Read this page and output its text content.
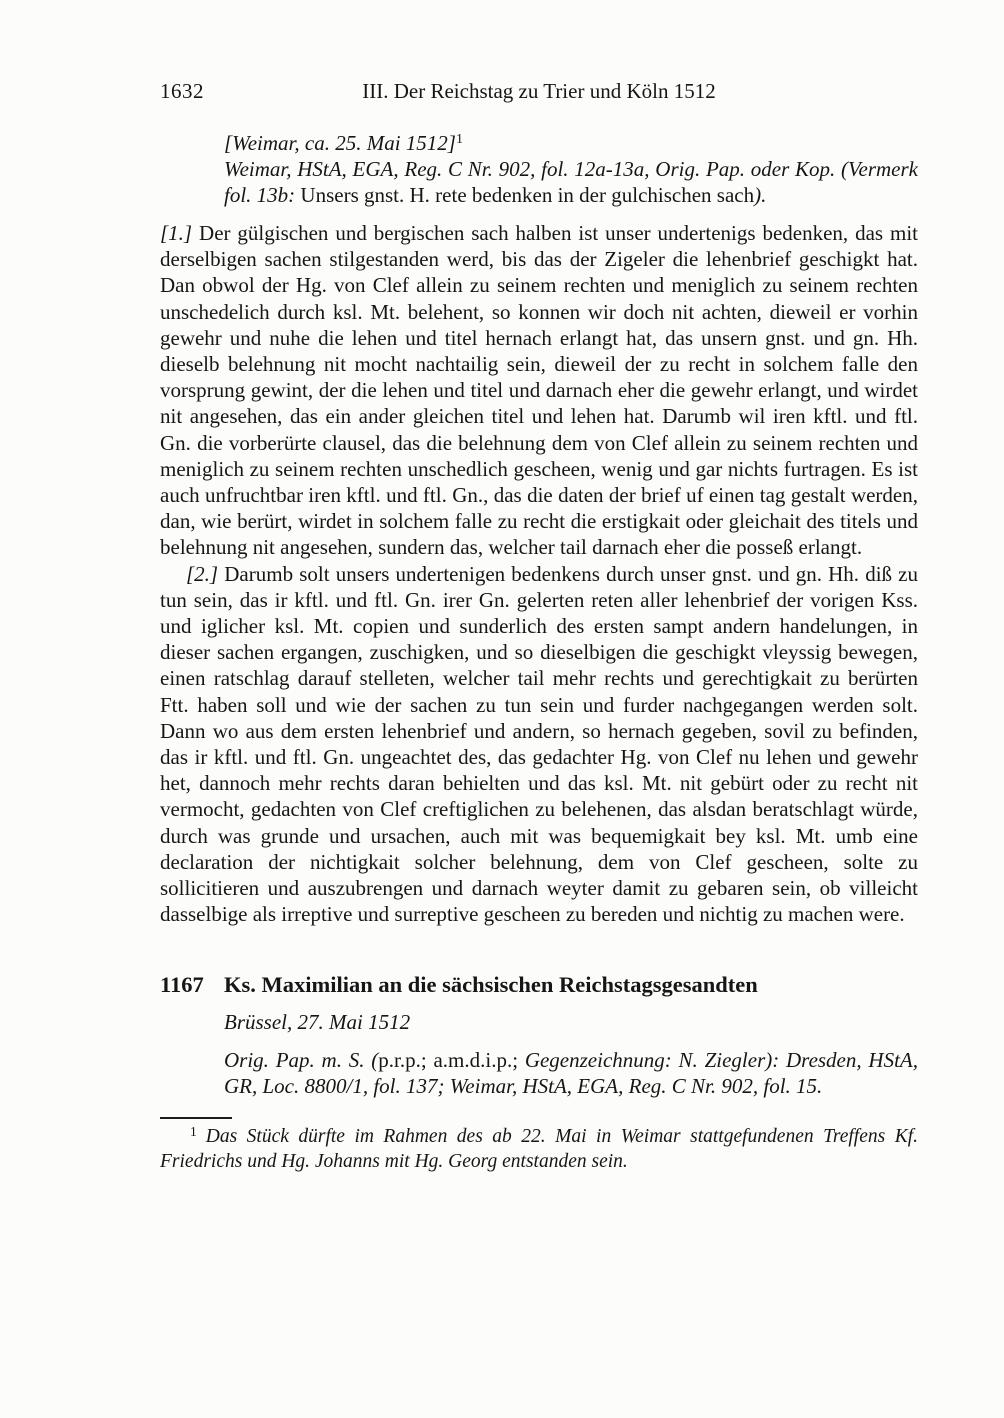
1632	III. Der Reichstag zu Trier und Köln 1512

[Weimar, ca. 25. Mai 1512]$^1$

Weimar, HStA, EGA, Reg. C Nr. 902, fol. 12a-13a, Orig. Pap. oder Kop. (Vermerk fol. 13b: Unsers gnst. H. rete bedenken in der gulchischen sach).

[1.] Der gülgischen und bergischen sach halben ist unser undertenigs bedenken, das mit derselbigen sachen stilgestanden werd, bis das der Zigeler die lehenbrief geschigkt hat. Dan obwol der Hg. von Clef allein zu seinem rechten und meniglich zu seinem rechten unschedelich durch ksl. Mt. belehent, so konnen wir doch nit achten, dieweil er vorhin gewehr und nuhe die lehen und titel hernach erlangt hat, das unsern gnst. und gn. Hh. dieselb belehnung nit mocht nachtailig sein, dieweil der zu recht in solchem falle den vorsprung gewint, der die lehen und titel und darnach eher die gewehr erlangt, und wirdet nit angesehen, das ein ander gleichen titel und lehen hat. Darumb wil iren kftl. und ftl. Gn. die vorberürte clausel, das die belehnung dem von Clef allein zu seinem rechten und meniglich zu seinem rechten unschedlich gescheen, wenig und gar nichts furtragen. Es ist auch unfruchtbar iren kftl. und ftl. Gn., das die daten der brief uf einen tag gestalt werden, dan, wie berürt, wirdet in solchem falle zu recht die erstigkait oder gleichait des titels und belehnung nit angesehen, sundern das, welcher tail darnach eher die posseß erlangt.

[2.] Darumb solt unsers undertenigen bedenkens durch unser gnst. und gn. Hh. diß zu tun sein, das ir kftl. und ftl. Gn. irer Gn. gelerten reten aller lehenbrief der vorigen Kss. und iglicher ksl. Mt. copien und sunderlich des ersten sampt andern handelungen, in dieser sachen ergangen, zuschigken, und so dieselbigen die geschigkt vleyssig bewegen, einen ratschlag darauf stelleten, welcher tail mehr rechts und gerechtigkait zu berürten Ftt. haben soll und wie der sachen zu tun sein und furder nachgegangen werden solt. Dann wo aus dem ersten lehenbrief und andern, so hernach gegeben, sovil zu befinden, das ir kftl. und ftl. Gn. ungeachtet des, das gedachter Hg. von Clef nu lehen und gewehr het, dannoch mehr rechts daran behielten und das ksl. Mt. nit gebürt oder zu recht nit vermocht, gedachten von Clef creftiglichen zu belehenen, das alsdan beratschlagt würde, durch was grunde und ursachen, auch mit was bequemigkait bey ksl. Mt. umb eine declaration der nichtigkait solcher belehnung, dem von Clef gescheen, solte zu sollicitieren und auszubrengen und darnach weyter damit zu gebaren sein, ob villeicht dasselbige als irreptive und surreptive gescheen zu bereden und nichtig zu machen were.

1167 Ks. Maximilian an die sächsischen Reichstagsgesandten

Brüssel, 27. Mai 1512

Orig. Pap. m. S. (p.r.p.; a.m.d.i.p.; Gegenzeichnung: N. Ziegler): Dresden, HStA, GR, Loc. 8800/1, fol. 137; Weimar, HStA, EGA, Reg. C Nr. 902, fol. 15.

$^1$ Das Stück dürfte im Rahmen des ab 22. Mai in Weimar stattgefundenen Treffens Kf. Friedrichs und Hg. Johanns mit Hg. Georg entstanden sein.
